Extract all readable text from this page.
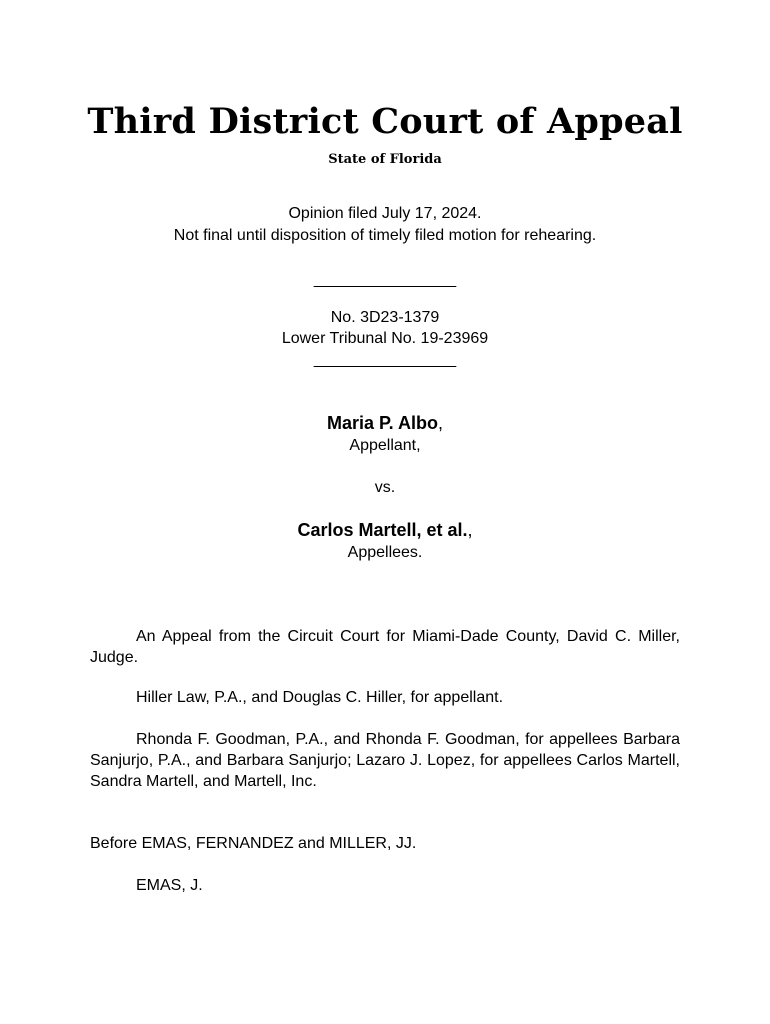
Third District Court of Appeal
State of Florida
Opinion filed July 17, 2024.
Not final until disposition of timely filed motion for rehearing.
________________
No. 3D23-1379
Lower Tribunal No. 19-23969
________________
Maria P. Albo,
Appellant,
vs.
Carlos Martell, et al.,
Appellees.
An Appeal from the Circuit Court for Miami-Dade County, David C. Miller, Judge.
Hiller Law, P.A., and Douglas C. Hiller, for appellant.
Rhonda F. Goodman, P.A., and Rhonda F. Goodman, for appellees Barbara Sanjurjo, P.A., and Barbara Sanjurjo; Lazaro J. Lopez, for appellees Carlos Martell, Sandra Martell, and Martell, Inc.
Before EMAS, FERNANDEZ and MILLER, JJ.
EMAS, J.
